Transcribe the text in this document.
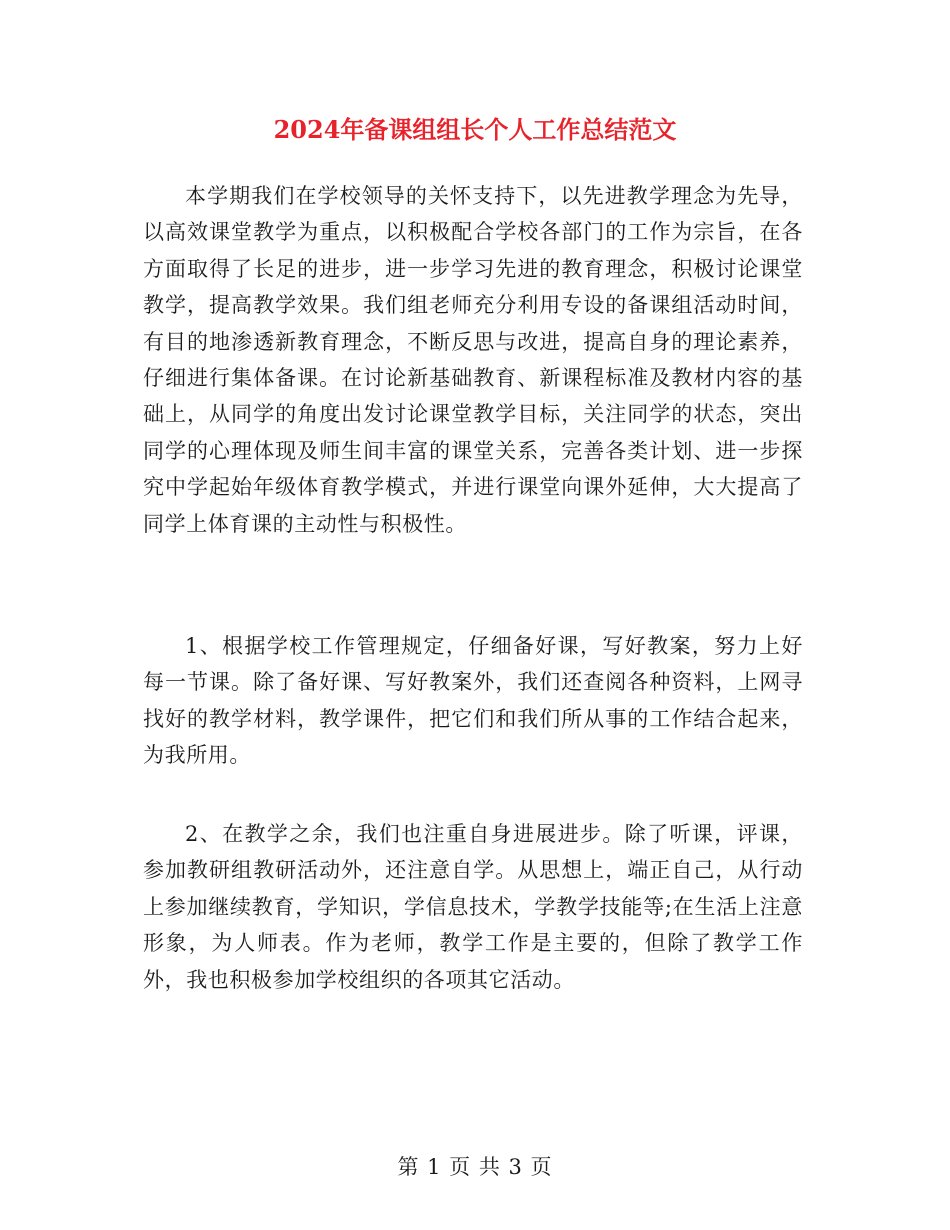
2024年备课组组长个人工作总结范文

本学期我们在学校领导的关怀支持下，以先进教学理念为先导，以高效课堂教学为重点，以积极配合学校各部门的工作为宗旨，在各方面取得了长足的进步，进一步学习先进的教育理念，积极讨论课堂教学，提高教学效果。我们组老师充分利用专设的备课组活动时间，有目的地渗透新教育理念，不断反思与改进，提高自身的理论素养，仔细进行集体备课。在讨论新基础教育、新课程标准及教材内容的基础上，从同学的角度出发讨论课堂教学目标，关注同学的状态，突出同学的心理体现及师生间丰富的课堂关系，完善各类计划、进一步探究中学起始年级体育教学模式，并进行课堂向课外延伸，大大提高了同学上体育课的主动性与积极性。

1、根据学校工作管理规定，仔细备好课，写好教案，努力上好每一节课。除了备好课、写好教案外，我们还查阅各种资料，上网寻找好的教学材料，教学课件，把它们和我们所从事的工作结合起来，为我所用。

2、在教学之余，我们也注重自身进展进步。除了听课，评课，参加教研组教研活动外，还注意自学。从思想上，端正自己，从行动上参加继续教育，学知识，学信息技术，学教学技能等;在生活上注意形象，为人师表。作为老师，教学工作是主要的，但除了教学工作外，我也积极参加学校组织的各项其它活动。

第 1 页 共 3 页
